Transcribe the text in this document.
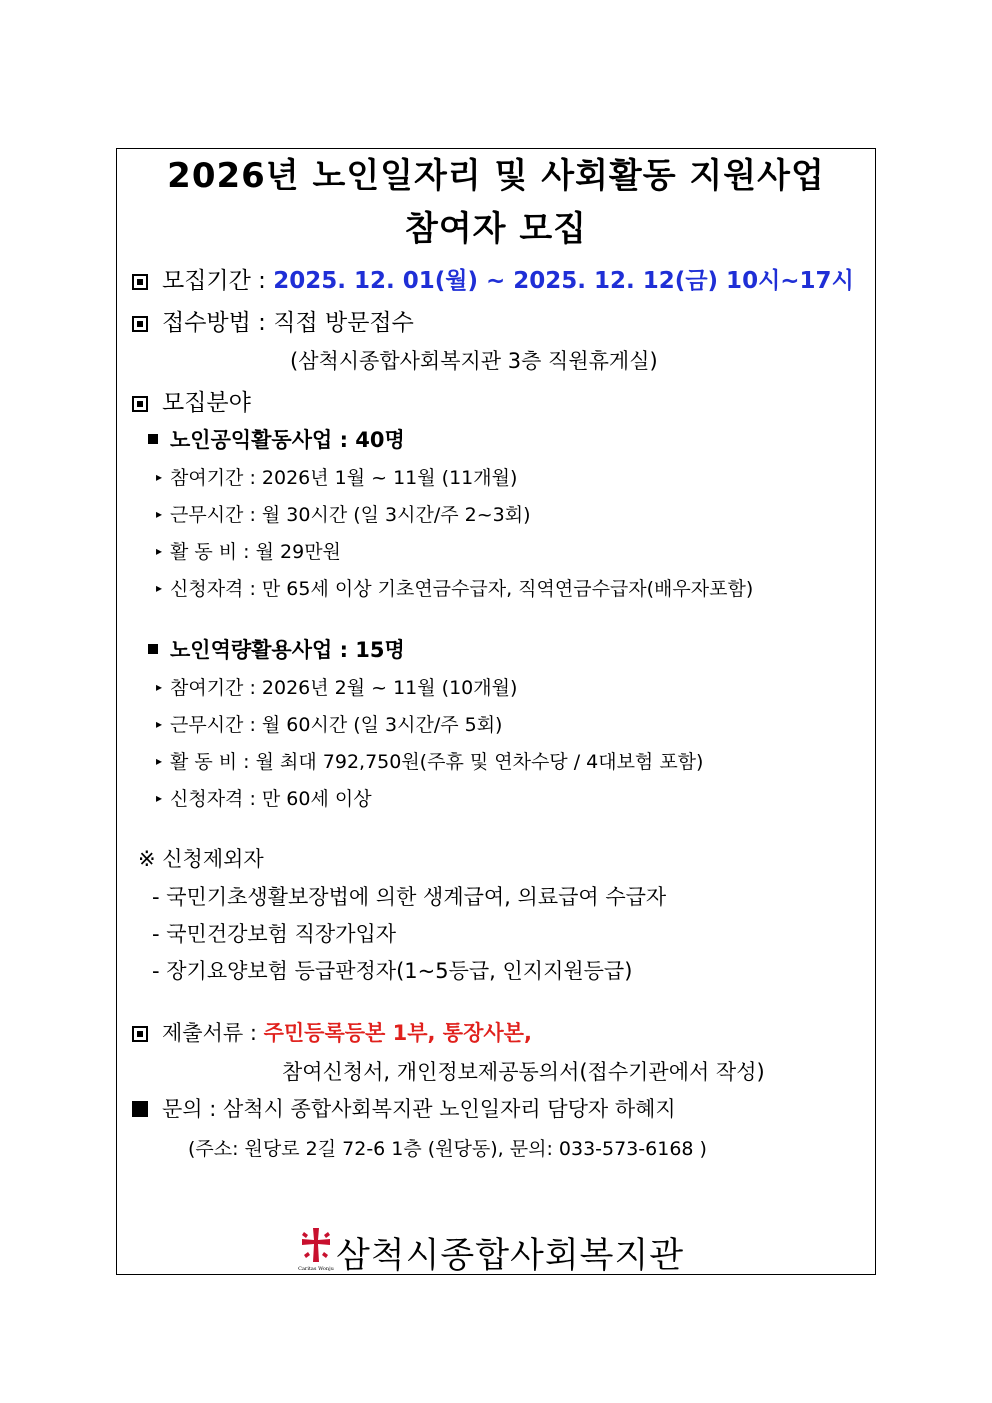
2026년 노인일자리 및 사회활동 지원사업
참여자 모집
모집기간 : 2025. 12. 01(월) ~ 2025. 12. 12(금) 10시~17시
접수방법 : 직접 방문접수
(삼척시종합사회복지관 3층 직원휴게실)
모집분야
노인공익활동사업 : 40명
▸ 참여기간 : 2026년 1월 ~ 11월 (11개월)
▸ 근무시간 : 월 30시간 (일 3시간/주 2~3회)
▸ 활 동 비 : 월 29만원
▸ 신청자격 : 만 65세 이상 기초연금수급자, 직역연금수급자(배우자포함)
노인역량활용사업 : 15명
▸ 참여기간 : 2026년 2월 ~ 11월 (10개월)
▸ 근무시간 : 월 60시간 (일 3시간/주 5회)
▸ 활 동 비 : 월 최대 792,750원(주휴 및 연차수당 / 4대보험 포함)
▸ 신청자격 : 만 60세 이상
※ 신청제외자
- 국민기초생활보장법에 의한 생계급여, 의료급여 수급자
- 국민건강보험 직장가입자
- 장기요양보험 등급판정자(1~5등급, 인지지원등급)
제출서류 : 주민등록등본 1부, 통장사본,
참여신청서, 개인정보제공동의서(접수기관에서 작성)
문의 : 삼척시 종합사회복지관 노인일자리 담당자 하혜지
(주소: 원당로 2길 72-6 1층 (원당동), 문의: 033-573-6168 )
Caritas Wonju 삼척시종합사회복지관
